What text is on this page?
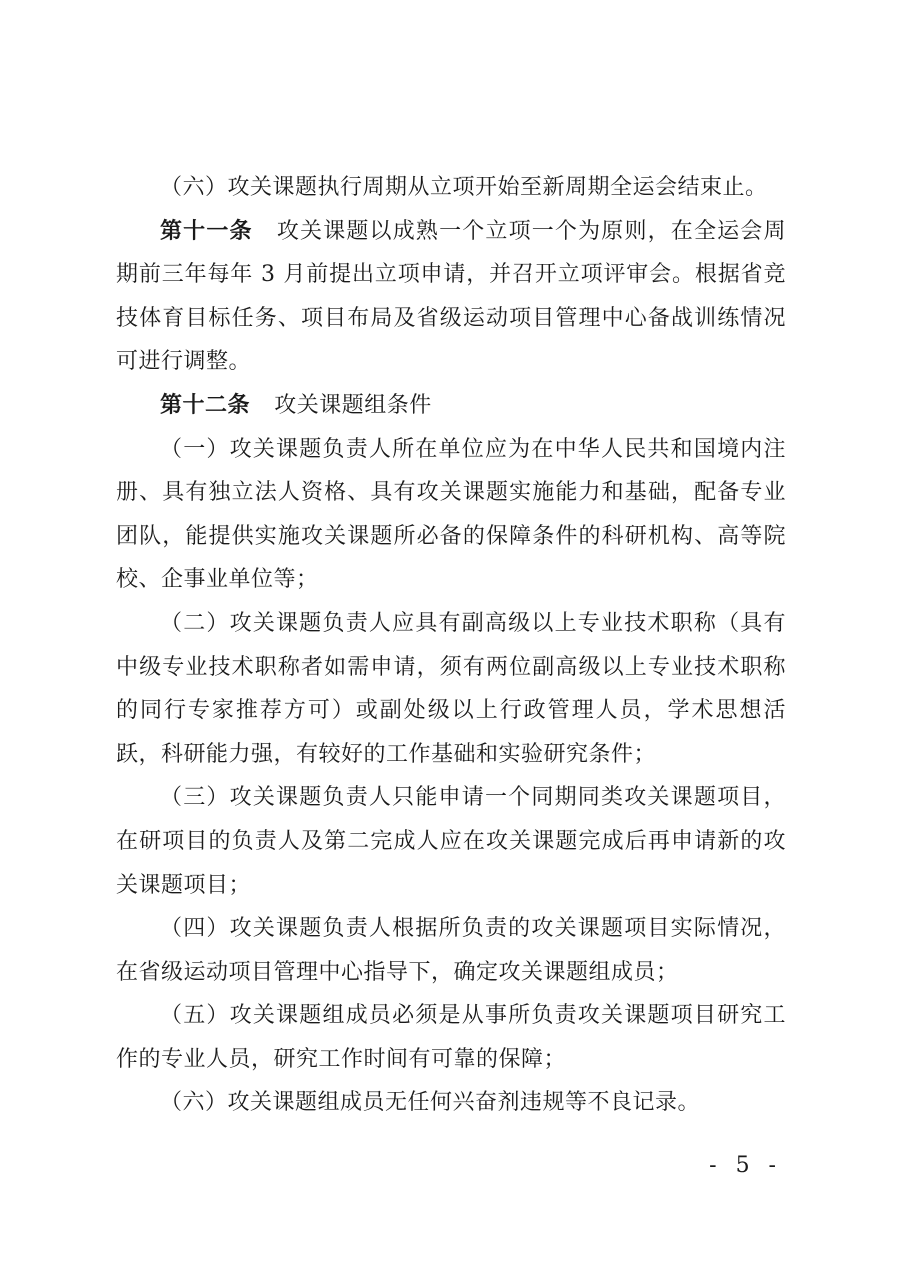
（六）攻关课题执行周期从立项开始至新周期全运会结束止。

第十一条 攻关课题以成熟一个立项一个为原则，在全运会周期前三年每年 3 月前提出立项申请，并召开立项评审会。根据省竞技体育目标任务、项目布局及省级运动项目管理中心备战训练情况可进行调整。

第十二条 攻关课题组条件

（一）攻关课题负责人所在单位应为在中华人民共和国境内注册、具有独立法人资格、具有攻关课题实施能力和基础，配备专业团队，能提供实施攻关课题所必备的保障条件的科研机构、高等院校、企事业单位等；

（二）攻关课题负责人应具有副高级以上专业技术职称（具有中级专业技术职称者如需申请，须有两位副高级以上专业技术职称的同行专家推荐方可）或副处级以上行政管理人员，学术思想活跃，科研能力强，有较好的工作基础和实验研究条件；

（三）攻关课题负责人只能申请一个同期同类攻关课题项目，在研项目的负责人及第二完成人应在攻关课题完成后再申请新的攻关课题项目；

（四）攻关课题负责人根据所负责的攻关课题项目实际情况，在省级运动项目管理中心指导下，确定攻关课题组成员；

（五）攻关课题组成员必须是从事所负责攻关课题项目研究工作的专业人员，研究工作时间有可靠的保障；

（六）攻关课题组成员无任何兴奋剂违规等不良记录。

- 5 -
